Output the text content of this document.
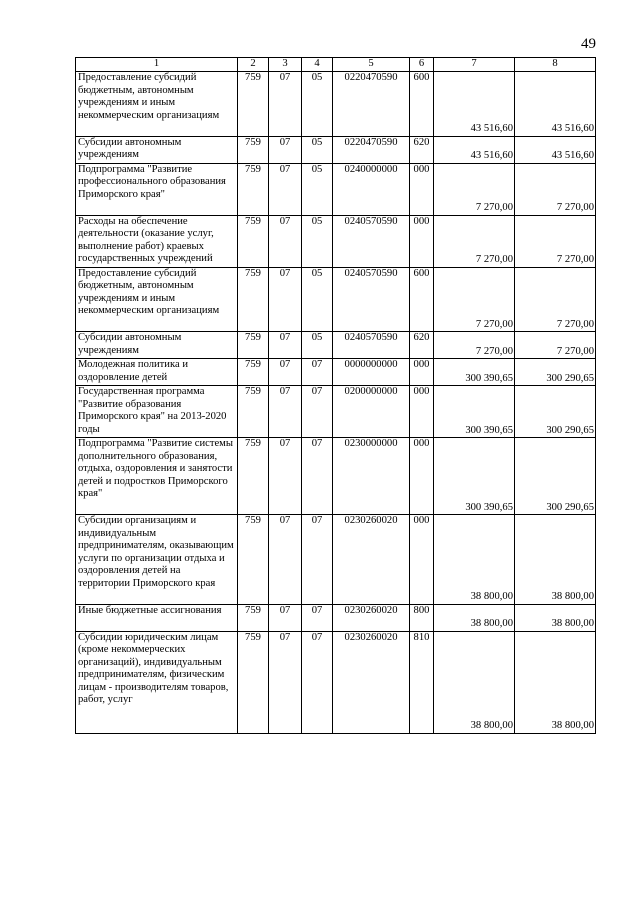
49
1	2	3	4	5	6	7	8
Предоставление субсидий бюджетным, автономным учреждениям и иным некоммерческим организациям	759	07	05	0220470590	600	43 516,60	43 516,60
Субсидии автономным учреждениям	759	07	05	0220470590	620	43 516,60	43 516,60
Подпрограмма "Развитие профессионального образования Приморского края"	759	07	05	0240000000	000	7 270,00	7 270,00
Расходы на обеспечение деятельности (оказание услуг, выполнение работ) краевых государственных учреждений	759	07	05	0240570590	000	7 270,00	7 270,00
Предоставление субсидий бюджетным, автономным учреждениям и иным некоммерческим организациям	759	07	05	0240570590	600	7 270,00	7 270,00
Субсидии автономным учреждениям	759	07	05	0240570590	620	7 270,00	7 270,00
Молодежная политика и оздоровление детей	759	07	07	0000000000	000	300 390,65	300 290,65
Государственная программа "Развитие образования Приморского края" на 2013-2020 годы	759	07	07	0200000000	000	300 390,65	300 290,65
Подпрограмма "Развитие системы дополнительного образования, отдыха, оздоровления и занятости детей и подростков Приморского края"	759	07	07	0230000000	000	300 390,65	300 290,65
Субсидии организациям и индивидуальным предпринимателям, оказывающим услуги по организации отдыха и оздоровления детей на территории Приморского края	759	07	07	0230260020	000	38 800,00	38 800,00
Иные бюджетные ассигнования	759	07	07	0230260020	800	38 800,00	38 800,00
Субсидии юридическим лицам (кроме некоммерческих организаций), индивидуальным предпринимателям, физическим лицам - производителям товаров, работ, услуг	759	07	07	0230260020	810	38 800,00	38 800,00
